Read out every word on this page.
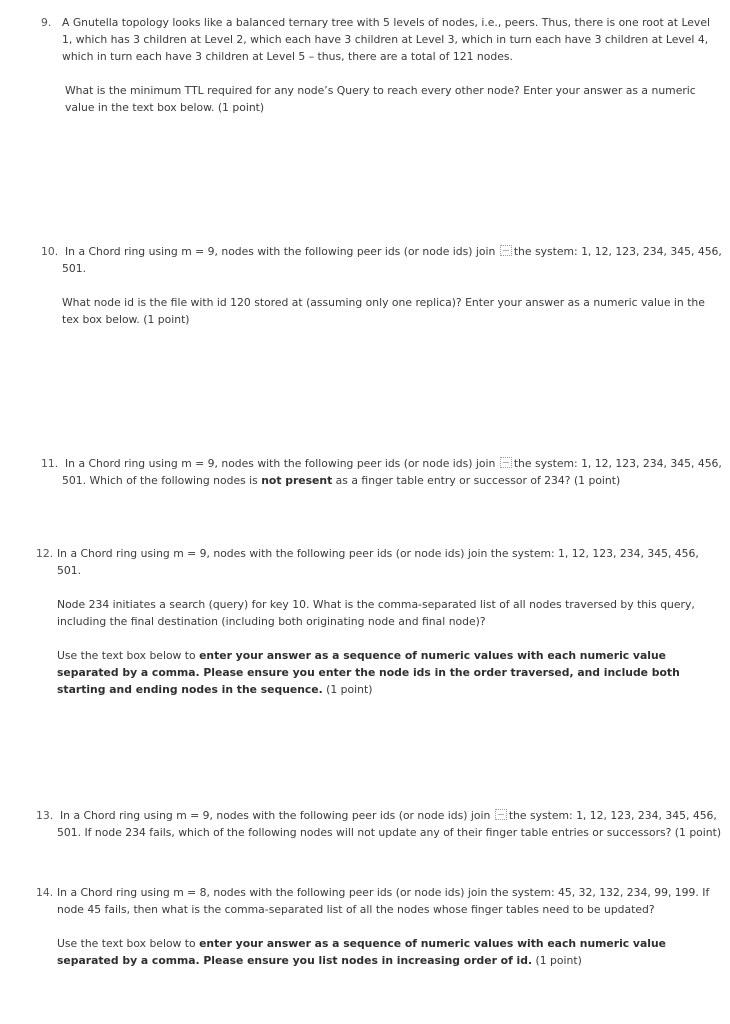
9. A Gnutella topology looks like a balanced ternary tree with 5 levels of nodes, i.e., peers. Thus, there is one root at Level 1, which has 3 children at Level 2, which each have 3 children at Level 3, which in turn each have 3 children at Level 4, which in turn each have 3 children at Level 5 – thus, there are a total of 121 nodes.

What is the minimum TTL required for any node’s Query to reach every other node? Enter your answer as a numeric value in the text box below. (1 point)

10. In a Chord ring using m = 9, nodes with the following peer ids (or node ids) join the system: 1, 12, 123, 234, 345, 456, 501.

What node id is the file with id 120 stored at (assuming only one replica)? Enter your answer as a numeric value in the tex box below. (1 point)

11. In a Chord ring using m = 9, nodes with the following peer ids (or node ids) join the system: 1, 12, 123, 234, 345, 456, 501. Which of the following nodes is not present as a finger table entry or successor of 234? (1 point)

12. In a Chord ring using m = 9, nodes with the following peer ids (or node ids) join the system: 1, 12, 123, 234, 345, 456, 501.

Node 234 initiates a search (query) for key 10. What is the comma-separated list of all nodes traversed by this query, including the final destination (including both originating node and final node)?

Use the text box below to enter your answer as a sequence of numeric values with each numeric value separated by a comma. Please ensure you enter the node ids in the order traversed, and include both starting and ending nodes in the sequence. (1 point)

13. In a Chord ring using m = 9, nodes with the following peer ids (or node ids) join the system: 1, 12, 123, 234, 345, 456, 501. If node 234 fails, which of the following nodes will not update any of their finger table entries or successors? (1 point)

14. In a Chord ring using m = 8, nodes with the following peer ids (or node ids) join the system: 45, 32, 132, 234, 99, 199. If node 45 fails, then what is the comma-separated list of all the nodes whose finger tables need to be updated?

Use the text box below to enter your answer as a sequence of numeric values with each numeric value separated by a comma. Please ensure you list nodes in increasing order of id. (1 point)
